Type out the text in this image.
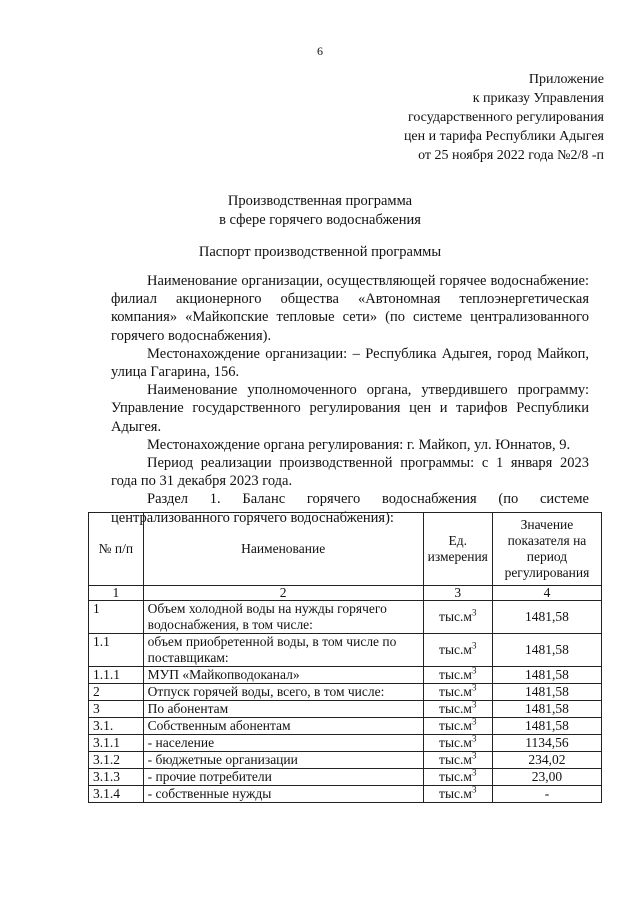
6
Приложение
к приказу Управления
государственного регулирования
цен и тарифа Республики Адыгея
от 25 ноября 2022 года №2/8 -п
Производственная программа
в сфере горячего водоснабжения
Паспорт производственной программы

Наименование организации, осуществляющей горячее водоснабжение: филиал акционерного общества «Автономная теплоэнергетическая компания» «Майкопские тепловые сети» (по системе централизованного горячего водоснабжения).

Местонахождение организации: – Республика Адыгея, город Майкоп, улица Гагарина, 156.

Наименование уполномоченного органа, утвердившего программу: Управление государственного регулирования цен и тарифов Республики Адыгея.

Местонахождение органа регулирования: г. Майкоп, ул. Юннатов, 9.

Период реализации производственной программы: с 1 января 2023 года по 31 декабря 2023 года.

Раздел 1. Баланс горячего водоснабжения (по системе централизованного горячего водоснабжения):

№ п/п	Наименование	Ед. измерения	Значение показателя на период регулирования
1	2	3	4
1	Объем холодной воды на нужды горячего водоснабжения, в том числе:	$тыс.м^3$	1481,58
1.1	объем приобретенной воды, в том числе по поставщикам:	$тыс.м^3$	1481,58
1.1.1	МУП «Майкопводоканал»	$тыс.м^3$	1481,58
2	Отпуск горячей воды, всего, в том числе:	$тыс.м^3$	1481,58
3	По абонентам	$тыс.м^3$	1481,58
3.1.	Собственным абонентам	$тыс.м^3$	1481,58
3.1.1	- население	$тыс.м^3$	1134,56
3.1.2	- бюджетные организации	$тыс.м^3$	234,02
3.1.3	- прочие потребители	$тыс.м^3$	23,00
3.1.4	- собственные нужды	$тыс.м^3$	-
